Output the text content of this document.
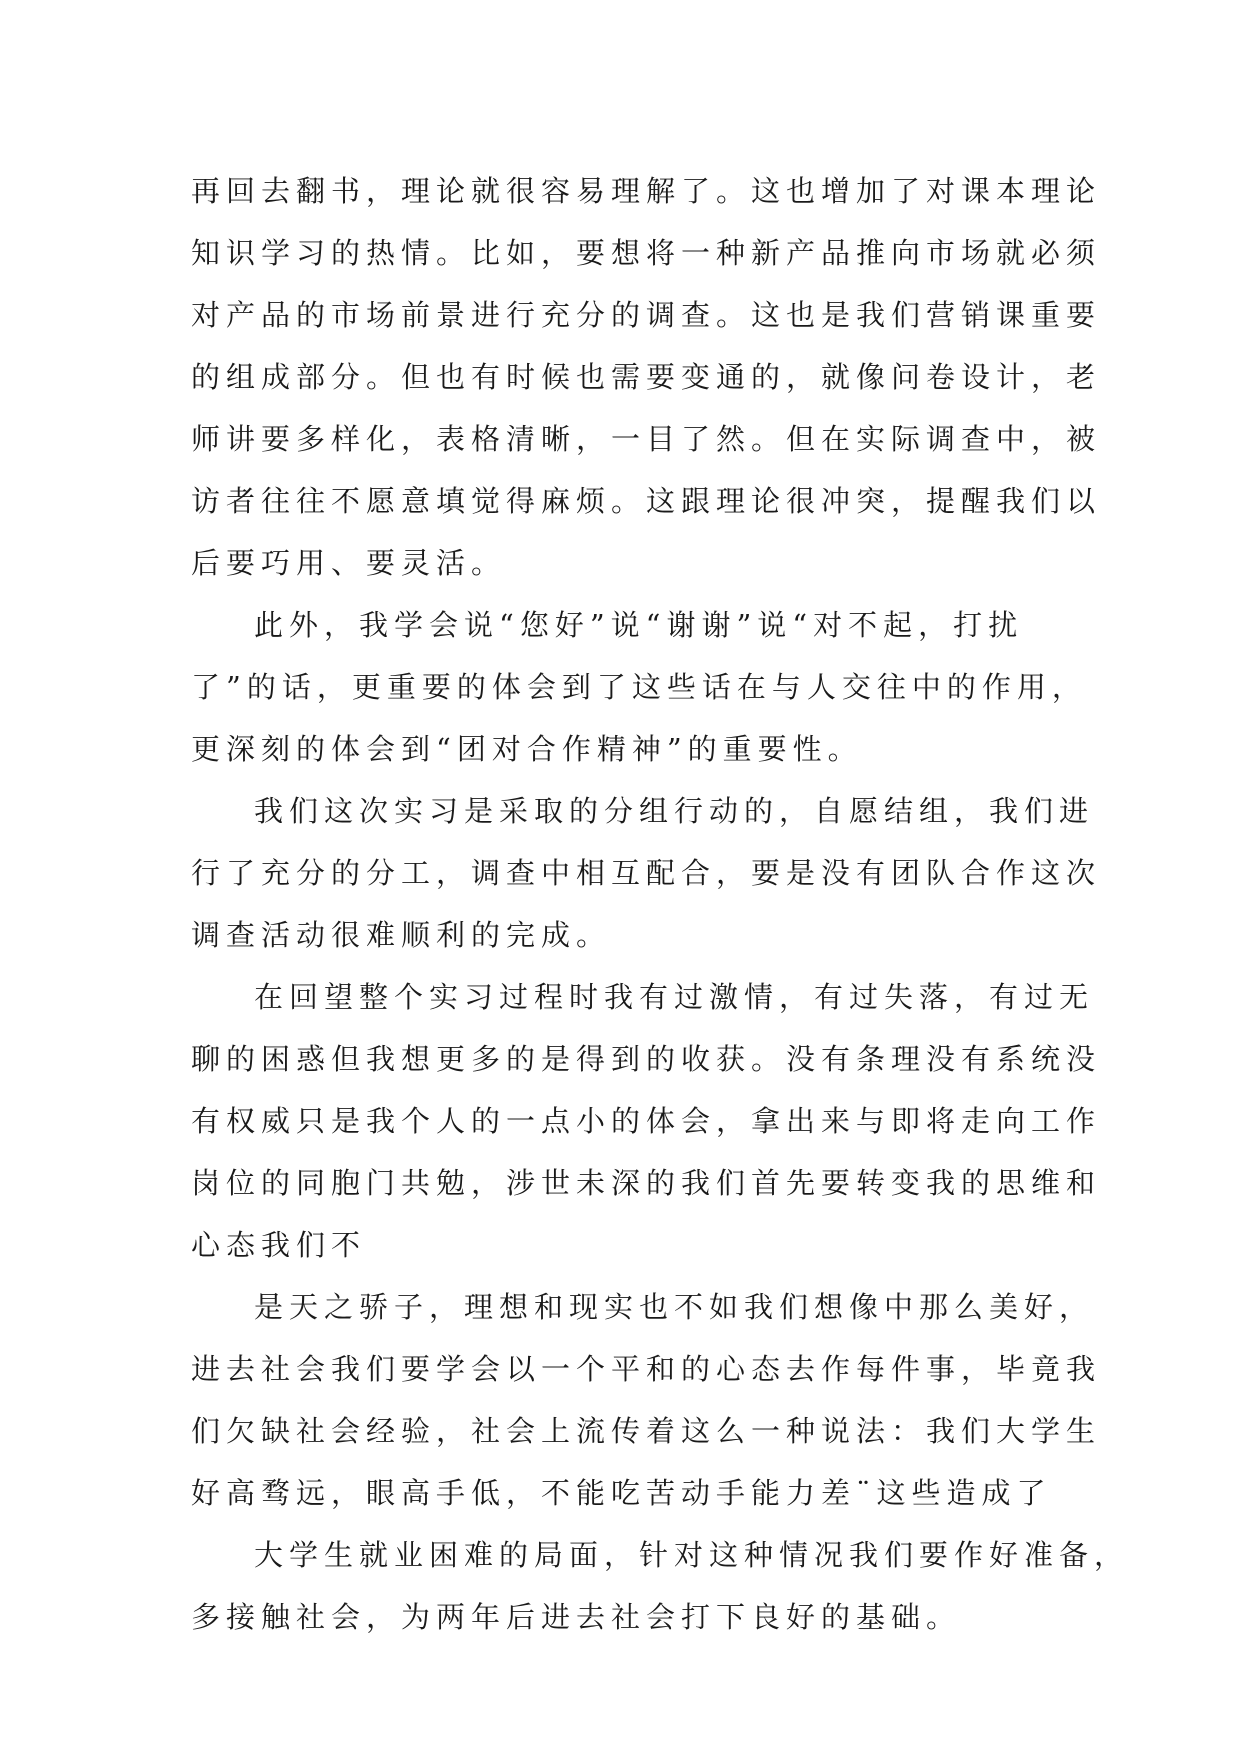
再回去翻书，理论就很容易理解了。这也增加了对课本理论
知识学习的热情。比如，要想将一种新产品推向市场就必须
对产品的市场前景进行充分的调查。这也是我们营销课重要
的组成部分。但也有时候也需要变通的，就像问卷设计，老
师讲要多样化，表格清晰，一目了然。但在实际调查中，被
访者往往不愿意填觉得麻烦。这跟理论很冲突，提醒我们以
后要巧用、要灵活。
此外，我学会说“您好”说“谢谢”说“对不起，打扰
了”的话，更重要的体会到了这些话在与人交往中的作用，
更深刻的体会到“团对合作精神”的重要性。
我们这次实习是采取的分组行动的，自愿结组，我们进
行了充分的分工，调查中相互配合，要是没有团队合作这次
调查活动很难顺利的完成。
在回望整个实习过程时我有过激情，有过失落，有过无
聊的困惑但我想更多的是得到的收获。没有条理没有系统没
有权威只是我个人的一点小的体会，拿出来与即将走向工作
岗位的同胞门共勉，涉世未深的我们首先要转变我的思维和
心态我们不
是天之骄子，理想和现实也不如我们想像中那么美好，
进去社会我们要学会以一个平和的心态去作每件事，毕竟我
们欠缺社会经验，社会上流传着这么一种说法：我们大学生
好高骛远，眼高手低，不能吃苦动手能力差¨这些造成了
大学生就业困难的局面，针对这种情况我们要作好准备，
多接触社会，为两年后进去社会打下良好的基础。
